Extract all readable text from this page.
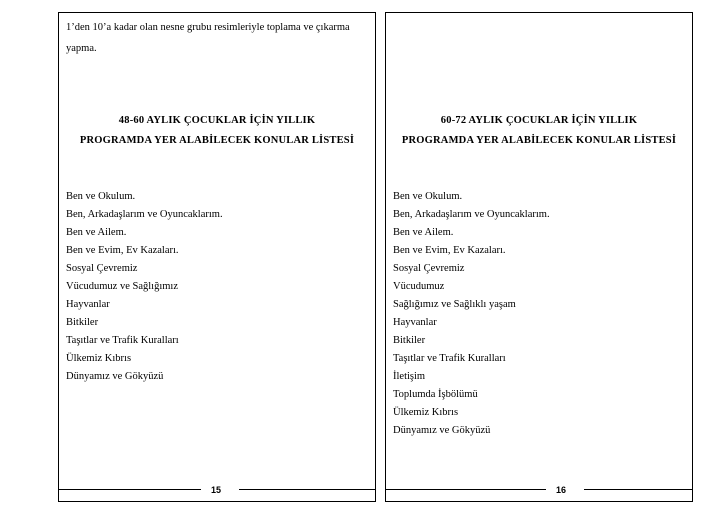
1’den 10’a kadar olan nesne grubu resimleriyle toplama ve çıkarma
yapma.
48-60 AYLIK ÇOCUKLAR İÇİN YILLIK
PROGRAMDA YER ALABİLECEK KONULAR LİSTESİ
Ben ve Okulum.
Ben, Arkadaşlarım ve Oyuncaklarım.
Ben ve Ailem.
Ben ve Evim, Ev Kazaları.
Sosyal Çevremiz
Vücudumuz ve Sağlığımız
Hayvanlar
Bitkiler
Taşıtlar ve Trafik Kuralları
Ülkemiz Kıbrıs
Dünyamız ve Gökyüzü
15
60-72 AYLIK ÇOCUKLAR İÇİN YILLIK
PROGRAMDA YER ALABİLECEK KONULAR LİSTESİ
Ben ve Okulum.
Ben, Arkadaşlarım ve Oyuncaklarım.
Ben ve Ailem.
Ben ve Evim, Ev Kazaları.
Sosyal Çevremiz
Vücudumuz
Sağlığımız ve Sağlıklı yaşam
Hayvanlar
Bitkiler
Taşıtlar ve Trafik Kuralları
İletişim
Toplumda İşbölümü
Ülkemiz Kıbrıs
Dünyamız ve Gökyüzü
16
